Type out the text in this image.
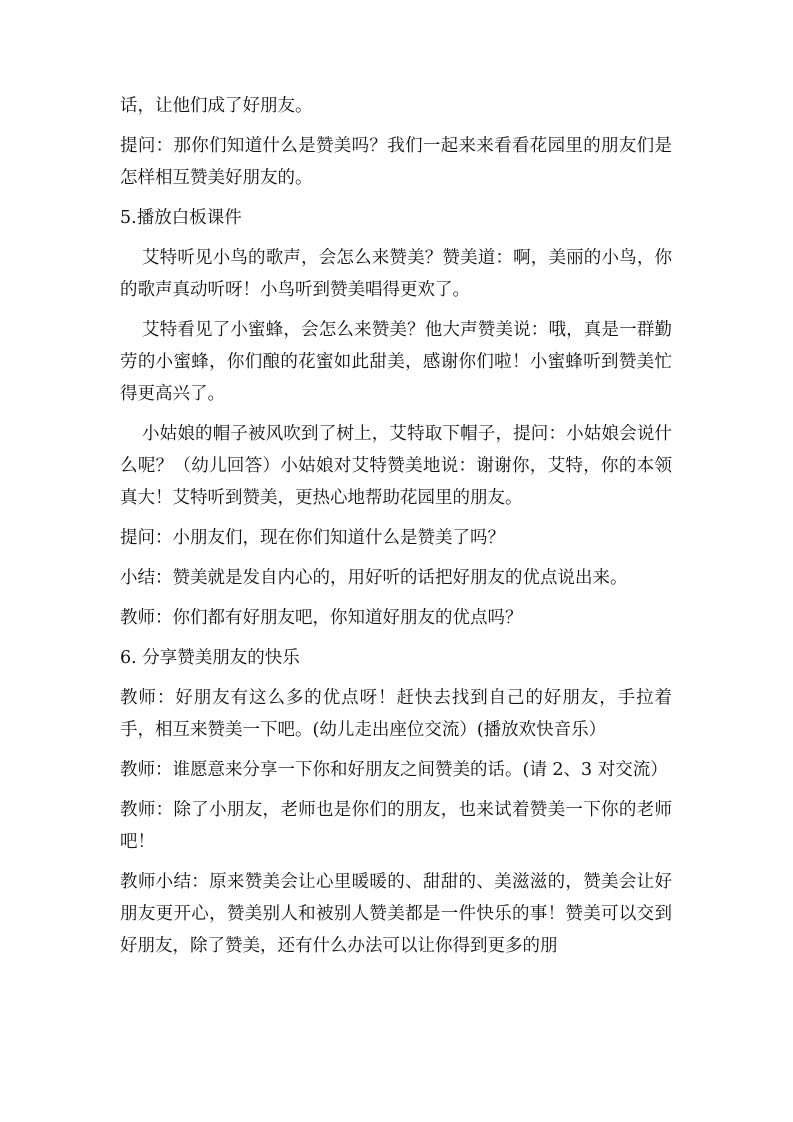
话，让他们成了好朋友。

提问：那你们知道什么是赞美吗？我们一起来来看看花园里的朋友们是怎样相互赞美好朋友的。

5.播放白板课件

艾特听见小鸟的歌声，会怎么来赞美？赞美道：啊，美丽的小鸟，你的歌声真动听呀！小鸟听到赞美唱得更欢了。

艾特看见了小蜜蜂，会怎么来赞美？他大声赞美说：哦，真是一群勤劳的小蜜蜂，你们酿的花蜜如此甜美，感谢你们啦！小蜜蜂听到赞美忙得更高兴了。

小姑娘的帽子被风吹到了树上，艾特取下帽子，提问：小姑娘会说什么呢？（幼儿回答）小姑娘对艾特赞美地说：谢谢你，艾特，你的本领真大！艾特听到赞美，更热心地帮助花园里的朋友。

提问：小朋友们，现在你们知道什么是赞美了吗？

小结：赞美就是发自内心的，用好听的话把好朋友的优点说出来。

教师：你们都有好朋友吧，你知道好朋友的优点吗？

6. 分享赞美朋友的快乐

教师：好朋友有这么多的优点呀！赶快去找到自己的好朋友，手拉着手，相互来赞美一下吧。(幼儿走出座位交流）(播放欢快音乐）

教师：谁愿意来分享一下你和好朋友之间赞美的话。(请 2、3 对交流）

教师：除了小朋友，老师也是你们的朋友，也来试着赞美一下你的老师吧！

教师小结：原来赞美会让心里暖暖的、甜甜的、美滋滋的，赞美会让好朋友更开心，赞美别人和被别人赞美都是一件快乐的事！赞美可以交到好朋友，除了赞美，还有什么办法可以让你得到更多的朋
